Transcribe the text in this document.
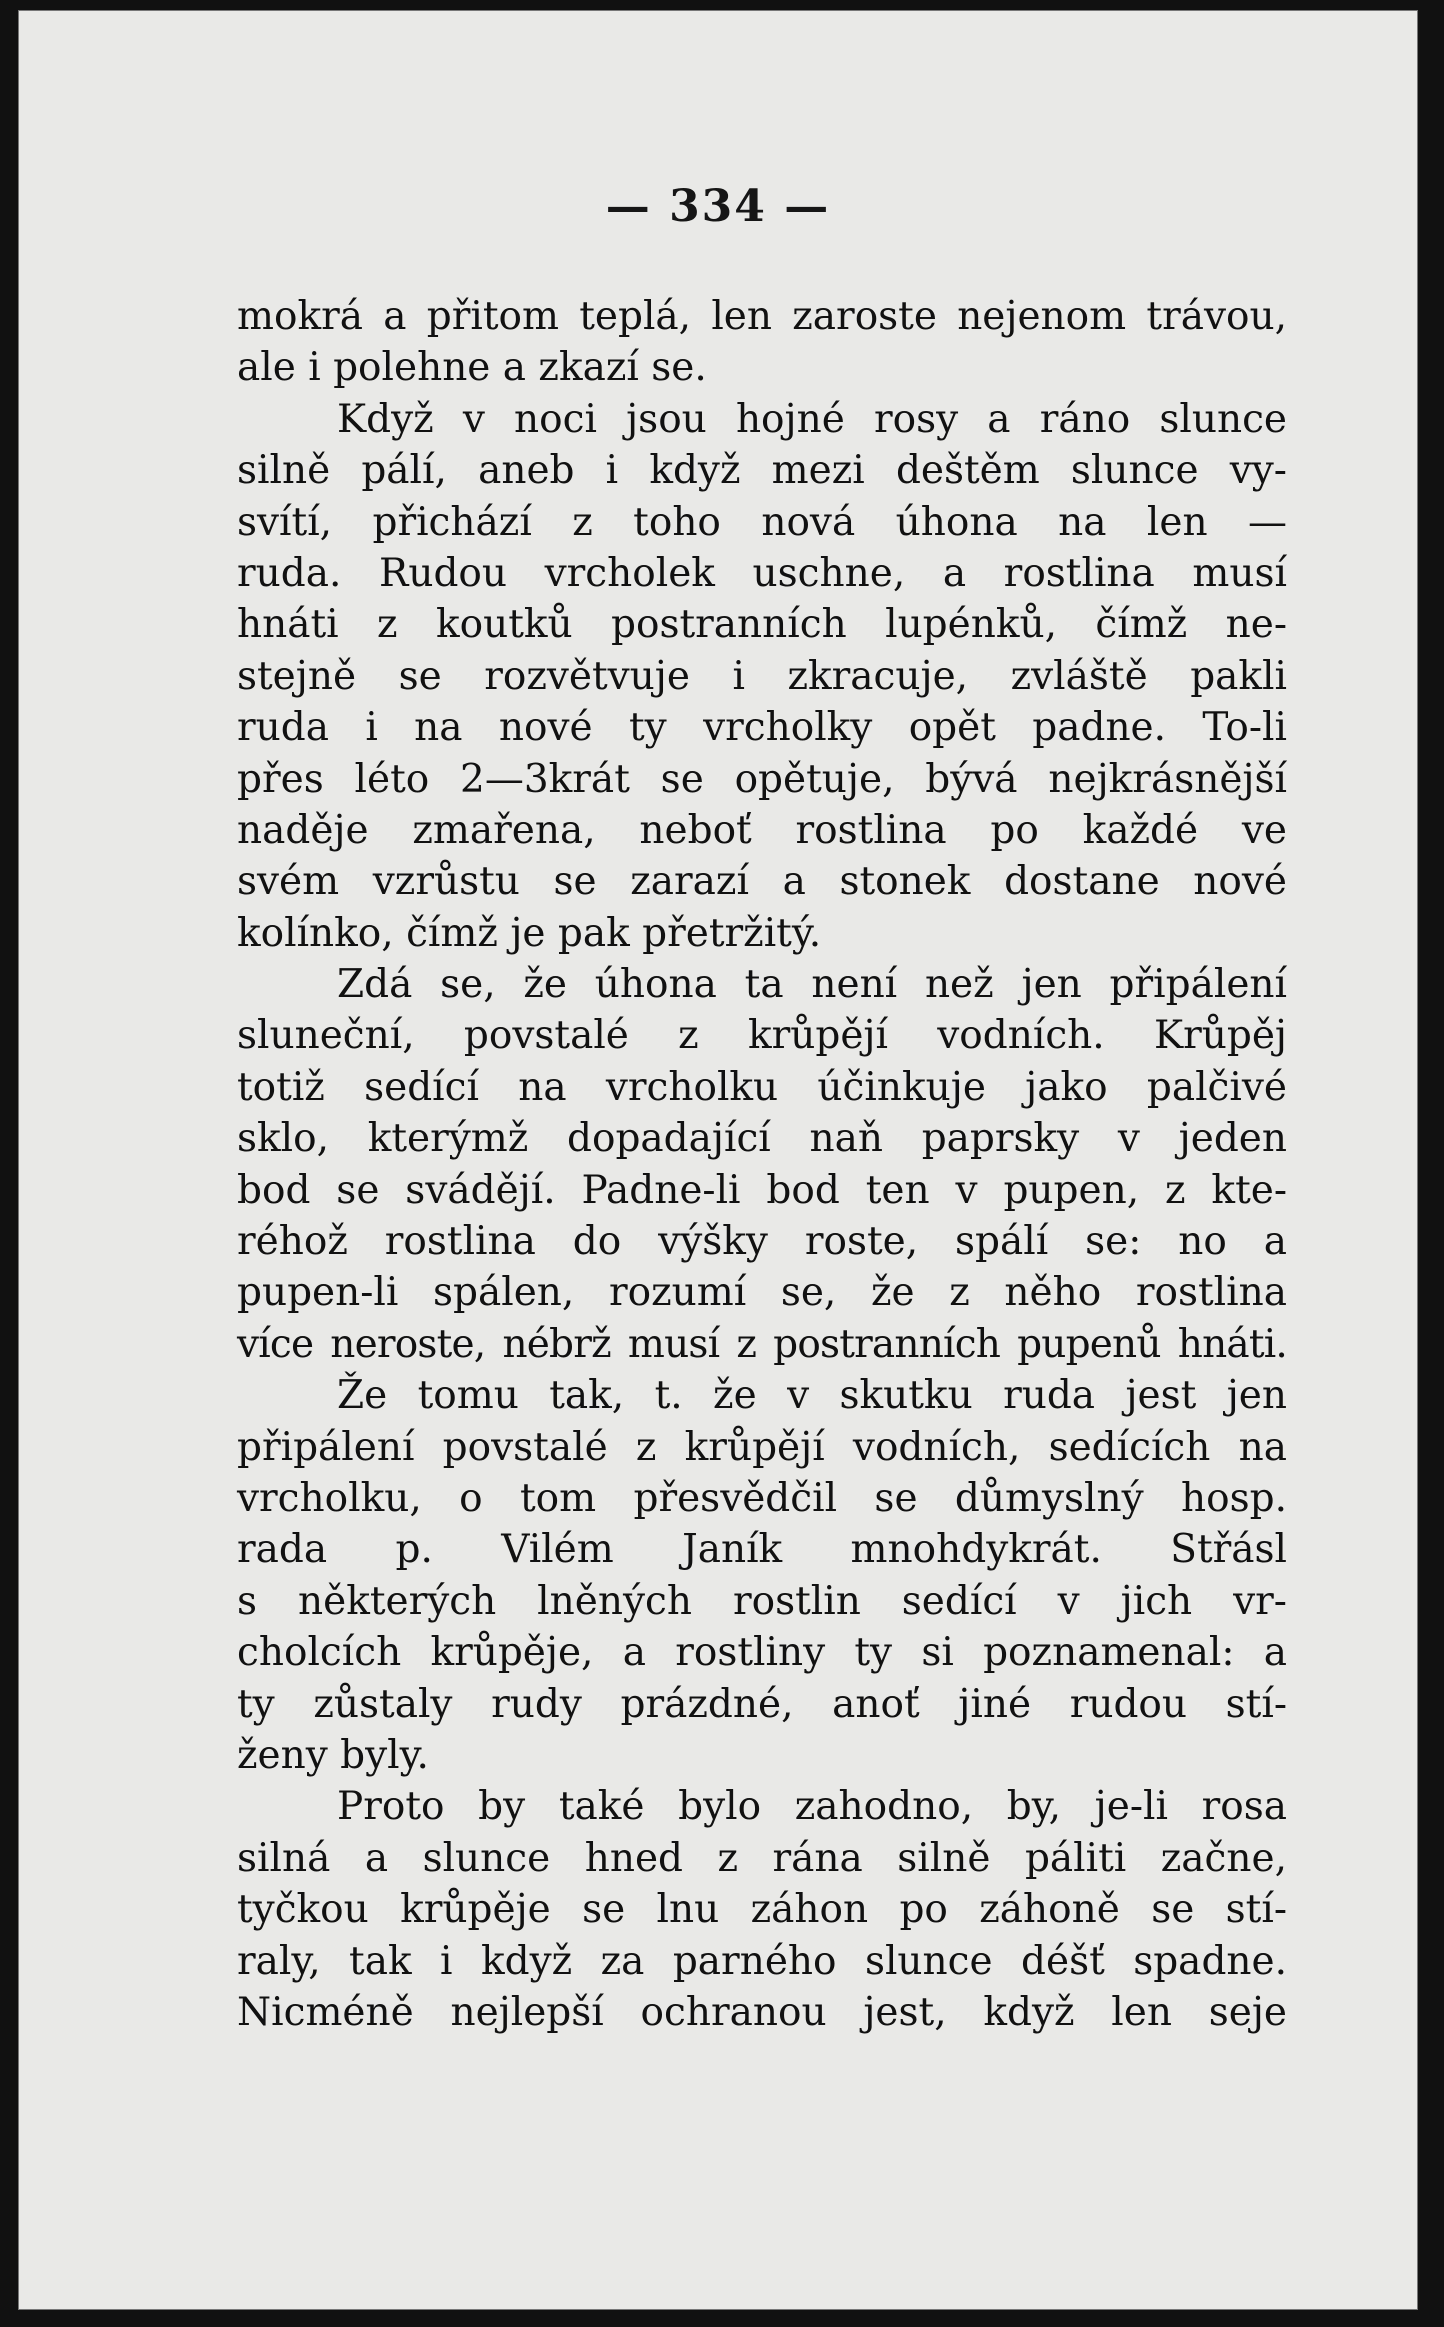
— 334 —
mokrá a přitom teplá, len zaroste nejenom trávou,
ale i polehne a zkazí se.
Když v noci jsou hojné rosy a ráno slunce
silně pálí, aneb i když mezi deštěm slunce vy-
svítí, přichází z toho nová úhona na len —
ruda. Rudou vrcholek uschne, a rostlina musí
hnáti z koutků postranních lupénků, čímž ne-
stejně se rozvětvuje i zkracuje, zvláště pakli
ruda i na nové ty vrcholky opět padne. To-li
přes léto 2—3krát se opětuje, bývá nejkrásnější
naděje zmařena, neboť rostlina po každé ve
svém vzrůstu se zarazí a stonek dostane nové
kolínko, čímž je pak přetržitý.
Zdá se, že úhona ta není než jen připálení
sluneční, povstalé z krůpějí vodních. Krůpěj
totiž sedící na vrcholku účinkuje jako palčivé
sklo, kterýmž dopadající naň paprsky v jeden
bod se svádějí. Padne-li bod ten v pupen, z kte-
réhož rostlina do výšky roste, spálí se: no a
pupen-li spálen, rozumí se, že z něho rostlina
více neroste, nébrž musí z postranních pupenů hnáti.
Že tomu tak, t. že v skutku ruda jest jen
připálení povstalé z krůpějí vodních, sedících na
vrcholku, o tom přesvědčil se důmyslný hosp.
rada p. Vilém Janík mnohdykrát. Střásl
s některých lněných rostlin sedící v jich vr-
cholcích krůpěje, a rostliny ty si poznamenal: a
ty zůstaly rudy prázdné, anoť jiné rudou stí-
ženy byly.
Proto by také bylo zahodno, by, je-li rosa
silná a slunce hned z rána silně páliti začne,
tyčkou krůpěje se lnu záhon po záhoně se stí-
raly, tak i když za parného slunce déšť spadne.
Nicméně nejlepší ochranou jest, když len seje
